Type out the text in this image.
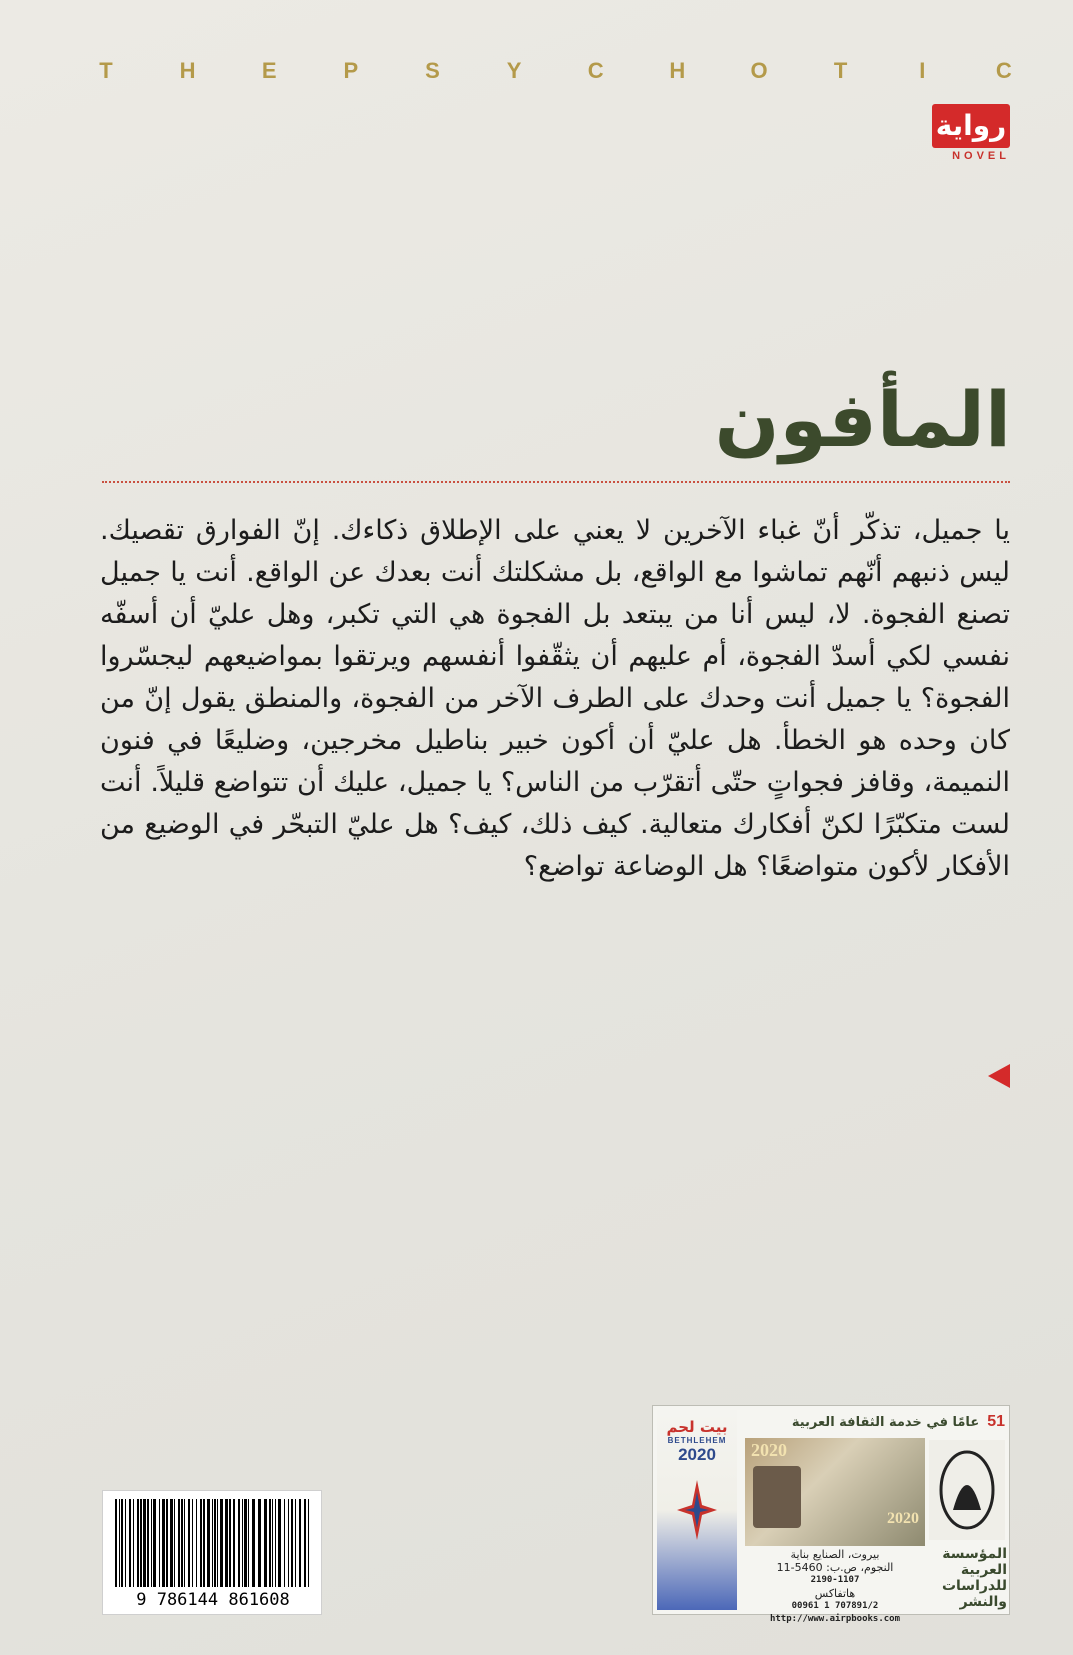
T	H	E	P	S	Y	C	H	O	T	I	C
رواية
NOVEL
المأفون

يا جميل، تذكّر أنّ غباء الآخرين لا يعني على الإطلاق ذكاءك. إنّ الفوارق تقصيك. ليس ذنبهم أنّهم تماشوا مع الواقع، بل مشكلتك أنت بعدك عن الواقع. أنت يا جميل تصنع الفجوة. لا، ليس أنا من يبتعد بل الفجوة هي التي تكبر، وهل عليّ أن أسفّه نفسي لكي أسدّ الفجوة، أم عليهم أن يثقّفوا أنفسهم ويرتقوا بمواضيعهم ليجسّروا الفجوة؟ يا جميل أنت وحدك على الطرف الآخر من الفجوة، والمنطق يقول إنّ من كان وحده هو الخطأ. هل عليّ أن أكون خبير بناطيل مخرجين، وضليعًا في فنون النميمة، وقافز فجواتٍ حتّى أتقرّب من الناس؟ يا جميل، عليك أن تتواضع قليلاً. أنت لست متكبّرًا لكنّ أفكارك متعالية. كيف ذلك، كيف؟ هل عليّ التبحّر في الوضيع من الأفكار لأكون متواضعًا؟ هل الوضاعة تواضع؟

9 786144 861608
بيت لحم
BETHLEHEM
2020
51
عامًا في خدمة الثقافة العربية
2020
2020
المؤسسة
العربية
للدراسات
والنشر
بيروت، الصنايع بناية
النجوم، ص.ب: 5460-11
2190-1107
هاتفاكس
00961 1 707891/2
http://www.airpbooks.com
